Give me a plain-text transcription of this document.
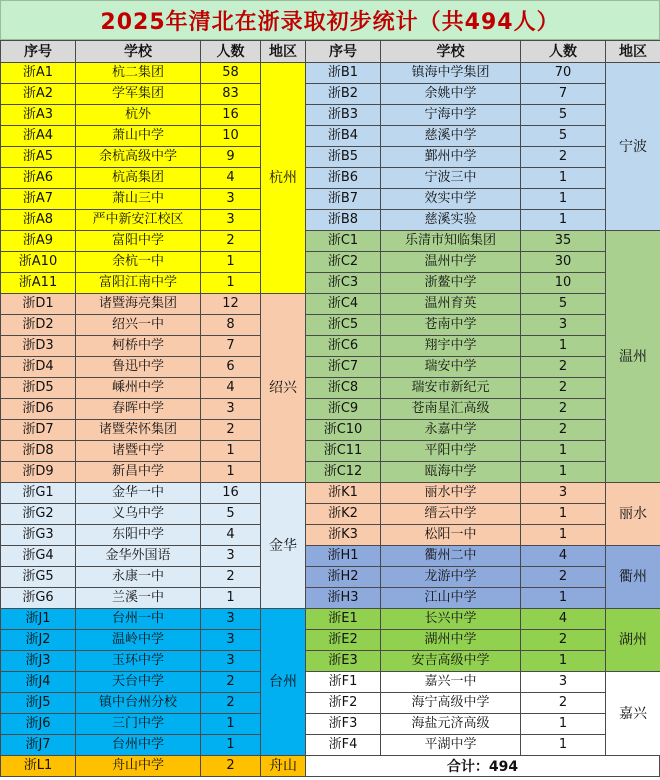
2025年清北在浙录取初步统计（共494人）
序号	学校	人数	地区
浙A1	杭二集团	58	杭州
浙A2	学军集团	83	
浙A3	杭外	16	
浙A4	萧山中学	10	
浙A5	余杭高级中学	9	
浙A6	杭高集团	4	
浙A7	萧山三中	3	
浙A8	严中新安江校区	3	
浙A9	富阳中学	2	
浙A10	余杭一中	1	
浙A11	富阳江南中学	1	
浙D1	诸暨海亮集团	12	绍兴
浙D2	绍兴一中	8	
浙D3	柯桥中学	7	
浙D4	鲁迅中学	6	
浙D5	嵊州中学	4	
浙D6	春晖中学	3	
浙D7	诸暨荣怀集团	2	
浙D8	诸暨中学	1	
浙D9	新昌中学	1	
浙G1	金华一中	16	金华
浙G2	义乌中学	5	
浙G3	东阳中学	4	
浙G4	金华外国语	3	
浙G5	永康一中	2	
浙G6	兰溪一中	1	
浙J1	台州一中	3	台州
浙J2	温岭中学	3	
浙J3	玉环中学	3	
浙J4	天台中学	2	
浙J5	镇中台州分校	2	
浙J6	三门中学	1	
浙J7	台州中学	1	
浙L1	舟山中学	2	舟山
序号	学校	人数	地区
浙B1	镇海中学集团	70	宁波
浙B2	余姚中学	7	
浙B3	宁海中学	5	
浙B4	慈溪中学	5	
浙B5	鄞州中学	2	
浙B6	宁波三中	1	
浙B7	效实中学	1	
浙B8	慈溪实验	1	
浙C1	乐清市知临集团	35	温州
浙C2	温州中学	30	
浙C3	浙鳌中学	10	
浙C4	温州育英	5	
浙C5	苍南中学	3	
浙C6	翔宇中学	1	
浙C7	瑞安中学	2	
浙C8	瑞安市新纪元	2	
浙C9	苍南星汇高级	2	
浙C10	永嘉中学	2	
浙C11	平阳中学	1	
浙C12	瓯海中学	1	
浙K1	丽水中学	3	丽水
浙K2	缙云中学	1	
浙K3	松阳一中	1	
浙H1	衢州二中	4	衢州
浙H2	龙游中学	2	
浙H3	江山中学	1	
浙E1	长兴中学	4	湖州
浙E2	湖州中学	2	
浙E3	安吉高级中学	1	
浙F1	嘉兴一中	3	嘉兴
浙F2	海宁高级中学	2	
浙F3	海盐元济高级	1	
浙F4	平湖中学	1	
合计：494
